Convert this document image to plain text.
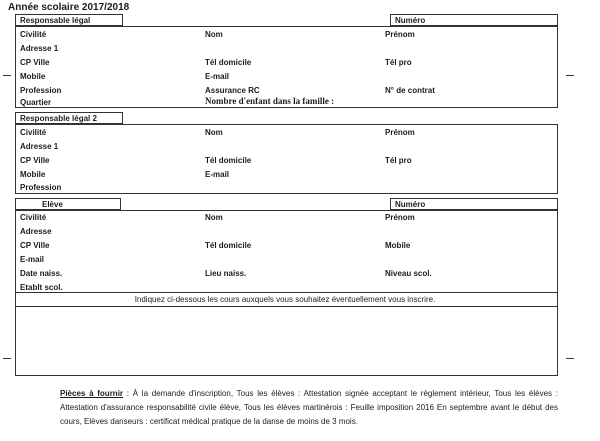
Année scolaire 2017/2018
Responsable légal	Numéro
Civilité	Nom	Prénom
Adresse 1
CP Ville	Tél domicile	Tél pro
Mobile	E-mail
Profession	Assurance RC	N° de contrat
Quartier	Nombre d'enfant dans la famille :
Responsable légal 2
Civilité	Nom	Prénom
Adresse 1
CP Ville	Tél domicile	Tél pro
Mobile	E-mail
Profession
Elève	Numéro
Civilité	Nom	Prénom
Adresse
CP Ville	Tél domicile	Mobile
E-mail
Date naiss.	Lieu naiss.	Niveau scol.
Etablt scol.
Indiquez ci-dessous les cours auxquels vous souhaitez éventuellement vous inscrire.
Pièces à fournir : À la demande d'inscription, Tous les élèves : Attestation signée acceptant le règlement intérieur, Tous les élèves : Attestation d'assurance responsabilité civile élève, Tous les élèves martinérois : Feuille imposition 2016 En septembre avant le début des cours, Elèves danseurs : certificat médical pratique de la danse de moins de 3 mois.
